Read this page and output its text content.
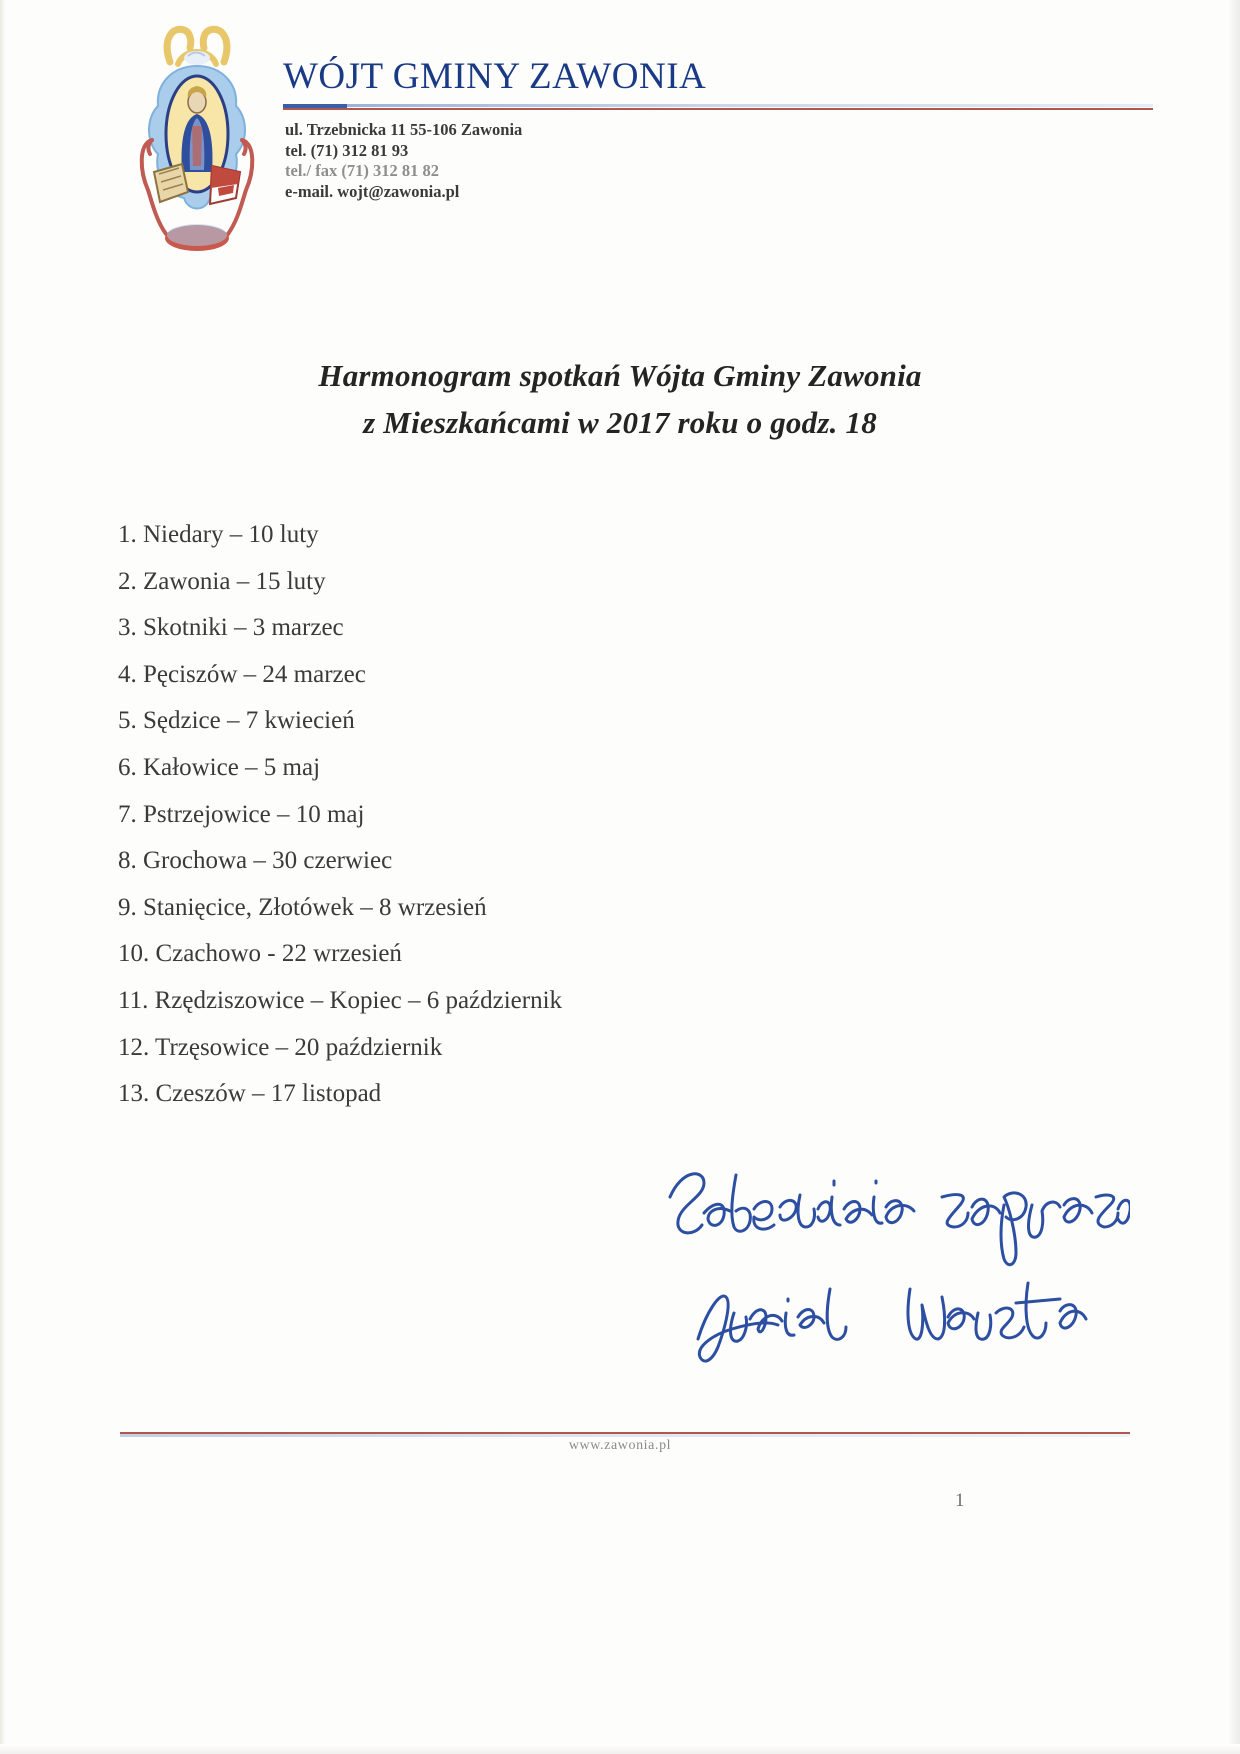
WÓJT GMINY ZAWONIA
ul. Trzebnicka 11 55-106 Zawonia
tel. (71) 312 81 93
tel./ fax (71) 312 81 82
e-mail. wojt@zawonia.pl
Harmonogram spotkań Wójta Gminy Zawonia
z Mieszkańcami w 2017 roku o godz. 18
1. Niedary – 10 luty
2. Zawonia – 15 luty
3. Skotniki – 3 marzec
4. Pęciszów – 24 marzec
5. Sędzice – 7 kwiecień
6. Kałowice – 5 maj
7. Pstrzejowice – 10 maj
8. Grochowa – 30 czerwiec
9. Stanięcice, Złotówek – 8 wrzesień
10. Czachowo - 22 wrzesień
11. Rzędziszowice – Kopiec – 6 październik
12. Trzęsowice – 20 październik
13. Czeszów – 17 listopad
www.zawonia.pl
1
